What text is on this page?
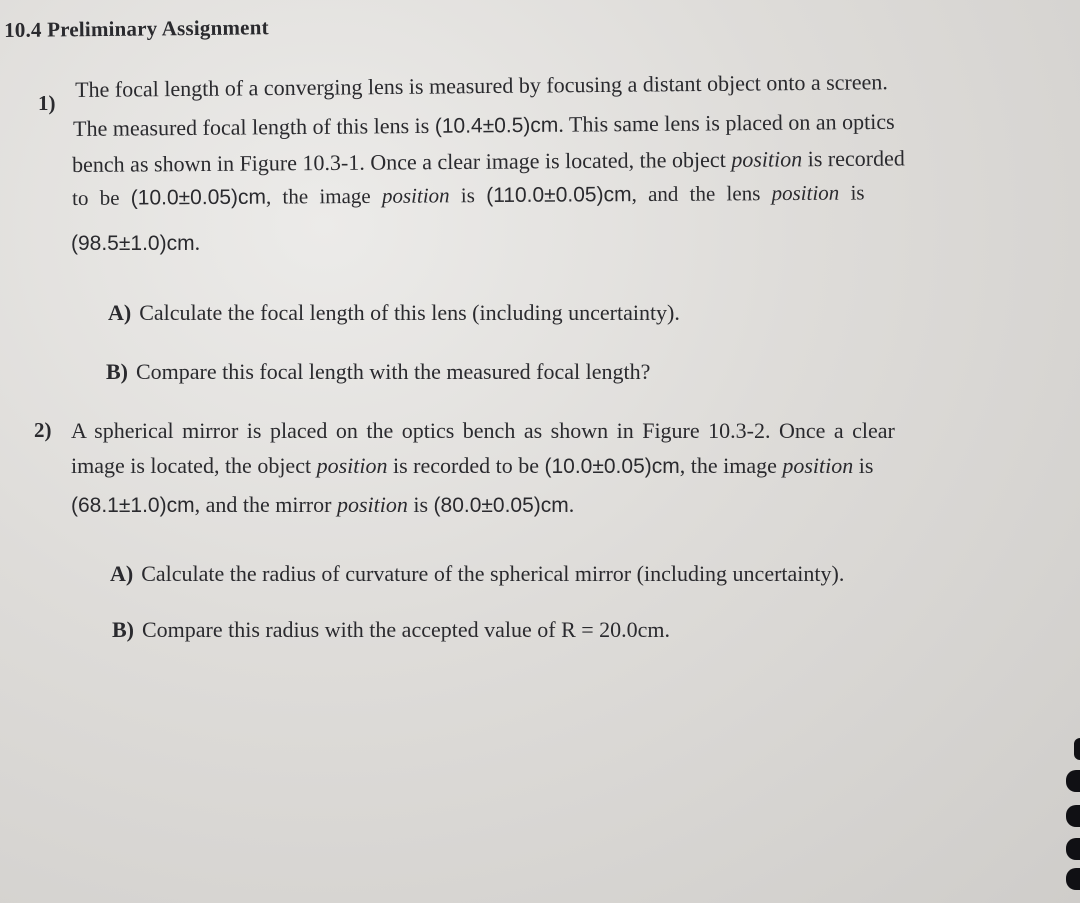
10.4 Preliminary Assignment
1)
The focal length of a converging lens is measured by focusing a distant object onto a screen.
The measured focal length of this lens is (10.4±0.5)cm. This same lens is placed on an optics
bench as shown in Figure 10.3-1. Once a clear image is located, the object position is recorded
to be (10.0±0.05)cm, the image position is (110.0±0.05)cm, and the lens position is
(98.5±1.0)cm.
A) Calculate the focal length of this lens (including uncertainty).
B) Compare this focal length with the measured focal length?
2) A spherical mirror is placed on the optics bench as shown in Figure 10.3-2. Once a clear
image is located, the object position is recorded to be (10.0±0.05)cm, the image position is
(68.1±1.0)cm, and the mirror position is (80.0±0.05)cm.
A) Calculate the radius of curvature of the spherical mirror (including uncertainty).
B) Compare this radius with the accepted value of R = 20.0cm.
